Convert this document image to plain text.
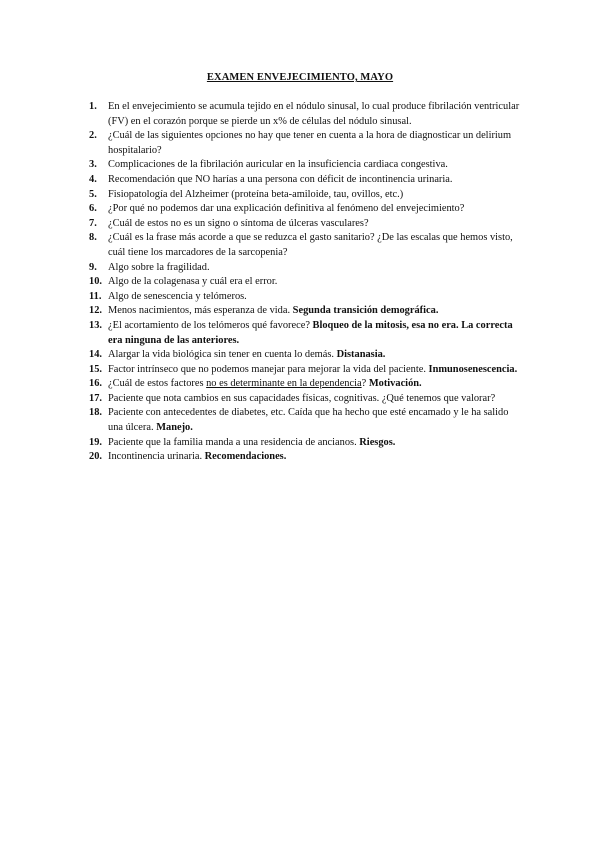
EXAMEN ENVEJECIMIENTO, MAYO
1.	En el envejecimiento se acumula tejido en el nódulo sinusal, lo cual produce fibrilación ventricular (FV) en el corazón porque se pierde un x% de células del nódulo sinusal.
2.	¿Cuál de las siguientes opciones no hay que tener en cuenta a la hora de diagnosticar un delirium hospitalario?
3.	Complicaciones de la fibrilación auricular en la insuficiencia cardiaca congestiva.
4.	Recomendación que NO harías a una persona con déficit de incontinencia urinaria.
5.	Fisiopatología del Alzheimer (proteína beta-amiloide, tau, ovillos, etc.)
6.	¿Por qué no podemos dar una explicación definitiva al fenómeno del envejecimiento?
7.	¿Cuál de estos no es un signo o síntoma de úlceras vasculares?
8.	¿Cuál es la frase más acorde a que se reduzca el gasto sanitario? ¿De las escalas que hemos visto, cuál tiene los marcadores de la sarcopenia?
9.	Algo sobre la fragilidad.
10. Algo de la colagenasa y cuál era el error.
11. Algo de senescencia y telómeros.
12. Menos nacimientos, más esperanza de vida. Segunda transición demográfica.
13. ¿El acortamiento de los telómeros qué favorece? Bloqueo de la mitosis, esa no era. La correcta era ninguna de las anteriores.
14. Alargar la vida biológica sin tener en cuenta lo demás. Distanasia.
15. Factor intrínseco que no podemos manejar para mejorar la vida del paciente. Inmunosenescencia.
16. ¿Cuál de estos factores no es determinante en la dependencia? Motivación.
17. Paciente que nota cambios en sus capacidades físicas, cognitivas. ¿Qué tenemos que valorar?
18. Paciente con antecedentes de diabetes, etc. Caída que ha hecho que esté encamado y le ha salido una úlcera. Manejo.
19. Paciente que la familia manda a una residencia de ancianos. Riesgos.
20. Incontinencia urinaria. Recomendaciones.
